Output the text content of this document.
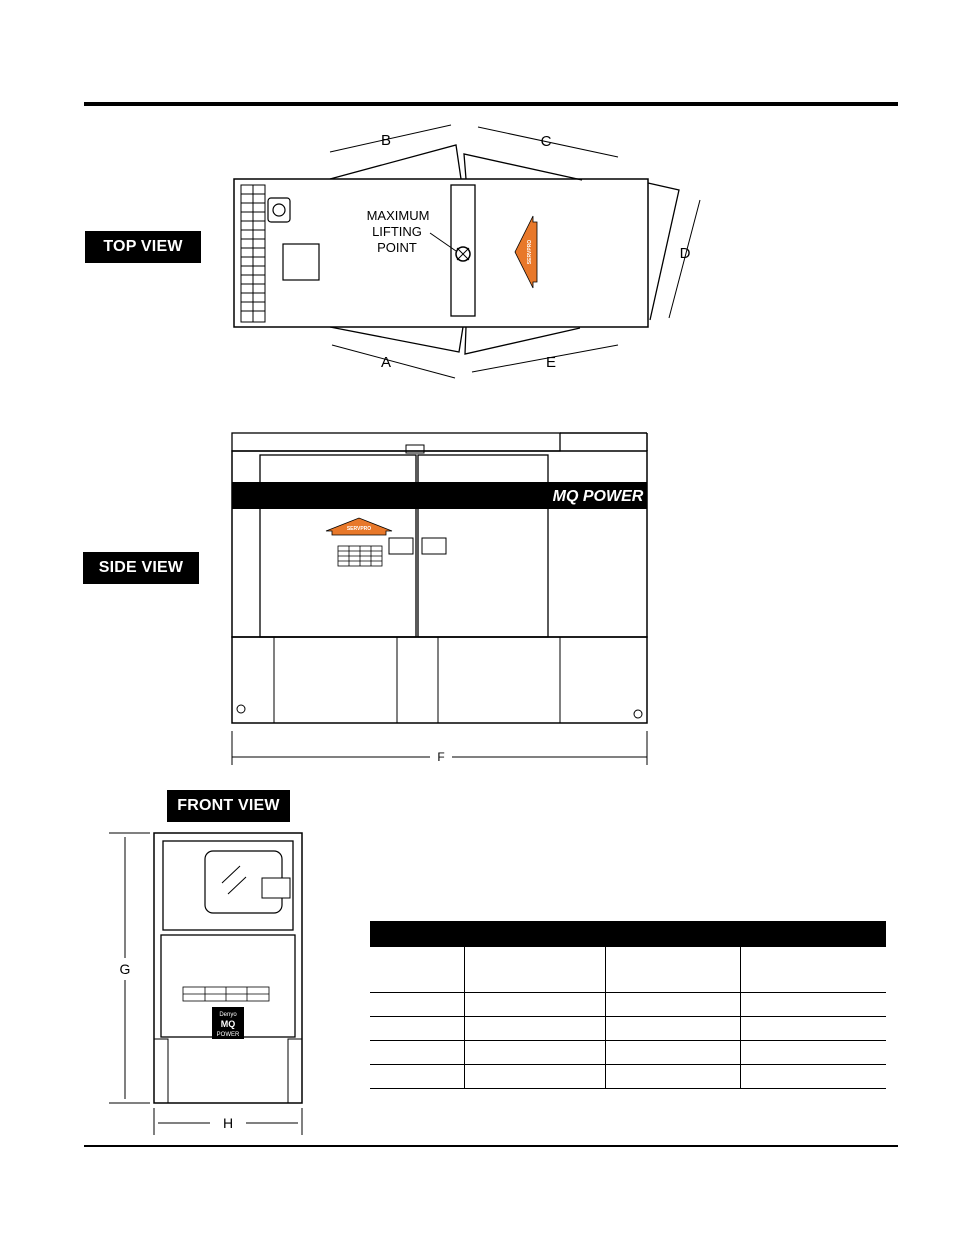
TOP VIEW
SIDE VIEW
FRONT VIEW
MAXIMUM
LIFTING
POINT	SERVPRO
B	C
A	E
D
MQ POWER
SERVPRO
F
Denyo
MQ
POWER
G
H
